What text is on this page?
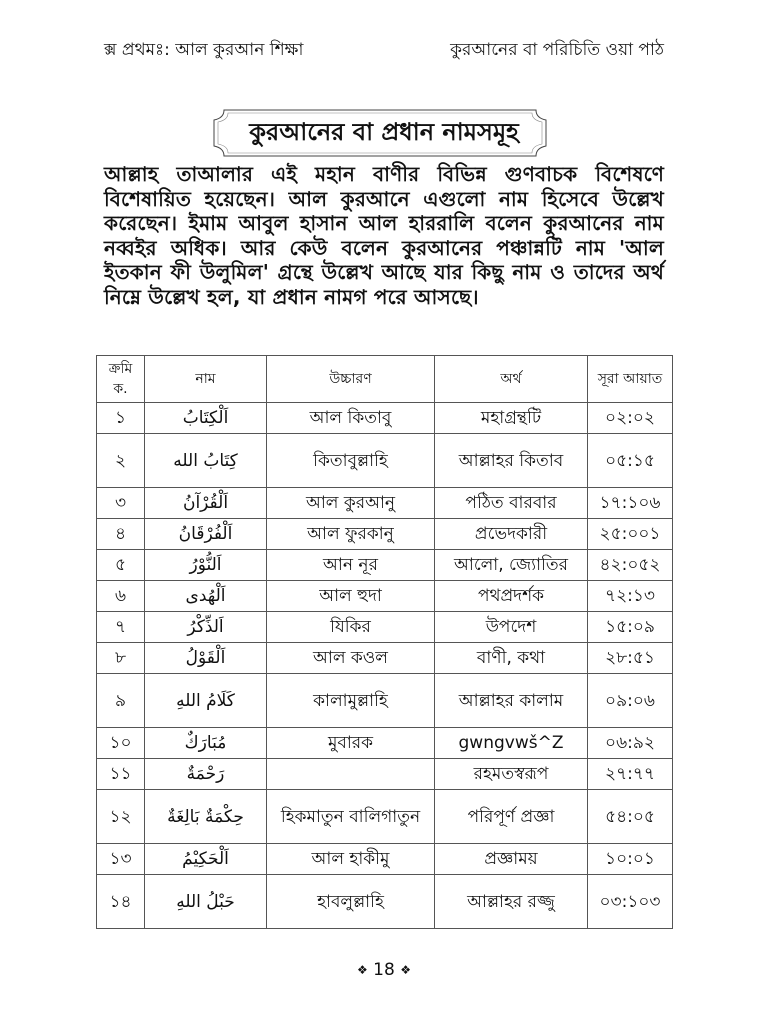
ক্স প্রথমঃ: আল কুরআন শিক্ষা	কুরআনের বা পরিচিতি ওয়া পাঠ
কুরআনের বা প্রধান নামসমূহ
আল্লাহ তাআলার এই মহান বাণীর বিভিন্ন গুণবাচক বিশেষণে বিশেষায়িত হয়েছেন। আল কুরআনে এগুলো নাম হিসেবে উল্লেখ করেছেন। ইমাম আবুল হাসান আল হাররালি বলেন কুরআনের নাম নব্বইর অধিক। আর কেউ বলেন কুরআনের পঞ্চান্নটি নাম 'আল ইতকান ফী উলুমিল' গ্রন্থে উল্লেখ আছে যার কিছু নাম ও তাদের অর্থ নিম্নে উল্লেখ হল, যা প্রধান নামগ পরে আসছে।
ক্রমি ক.	নাম	উচ্চারণ	অর্থ	সূরা আয়াত
১	اَلْكِتَابُ	আল কিতাবু	মহাগ্রন্থটি	০২:০২
২	كِتَابُ الله	কিতাবুল্লাহি	আল্লাহর কিতাব	০৫:১৫
৩	اَلْقُرْآنُ	আল কুরআনু	পঠিত বারবার	১৭:১০৬
৪	اَلْفُرْقَانُ	আল ফুরকানু	প্রভেদকারী	২৫:০০১
৫	اَلنُّوْرُ	আন নূর	আলো, জ্যোতির	৪২:০৫২
৬	اَلْهُدى	আল হুদা	পথপ্রদর্শক	৭২:১৩
৭	اَلذِّكْرُ	যিকির	উপদেশ	১৫:০৯
৮	اَلْقَوْلُ	আল কওল	বাণী, কথা	২৮:৫১
৯	كَلَامُ اللهِ	কালামুল্লাহি	আল্লাহর কালাম	০৯:০৬
১০	مُبَارَكٌ	মুবারক	gwngvwš^Z	০৬:৯২
১১	رَحْمَةٌ		রহমতস্বরূপ	২৭:৭৭
১২	حِكْمَةٌ بَالِغَةٌ	হিকমাতুন বালিগাতুন	পরিপূর্ণ প্রজ্ঞা	৫৪:০৫
১৩	اَلْحَكِيْمُ	আল হাকীমু	প্রজ্ঞাময়	১০:০১
১৪	حَبْلُ اللهِ	হাবলুল্লাহি	আল্লাহর রজ্জু	০৩:১০৩
❖ 18 ❖
